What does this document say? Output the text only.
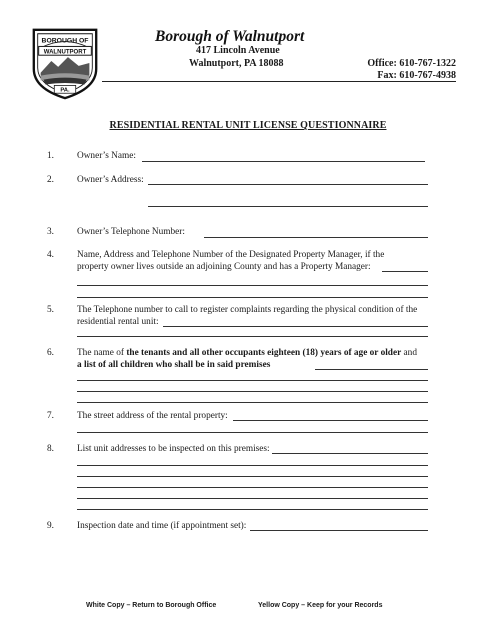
BOROUGH OF
WALNUTPORT
PA.
Borough of Walnutport
417 Lincoln Avenue
Walnutport, PA 18088	Office: 610-767-1322
Fax: 610-767-4938
RESIDENTIAL RENTAL UNIT LICENSE QUESTIONNAIRE
1. Owner’s Name:
2. Owner’s Address:
3. Owner’s Telephone Number:
4. Name, Address and Telephone Number of the Designated Property Manager, if the
property owner lives outside an adjoining County and has a Property Manager:
5. The Telephone number to call to register complaints regarding the physical condition of the
residential rental unit:
6. The name of the tenants and all other occupants eighteen (18) years of age or older and
a list of all children who shall be in said premises
7. The street address of the rental property:
8. List unit addresses to be inspected on this premises:
9. Inspection date and time (if appointment set):
White Copy – Return to Borough Office	Yellow Copy – Keep for your Records
